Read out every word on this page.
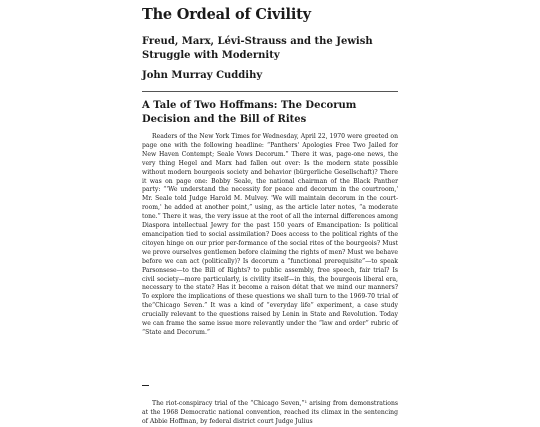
The Ordeal of Civility
Freud, Marx, Lévi-Strauss and the Jewish Struggle with Modernity
John Murray Cuddihy
A Tale of Two Hoffmans: The Decorum Decision and the Bill of Rites

Readers of the New York Times for Wednesday, April 22, 1970 were greeted on page one with the following headline: “Panthers' Apologies Free Two Jailed for New Haven Contempt; Seale Vows Decorum.” There it was, page-one news, the very thing Hegel and Marx had fallen out over: Is the modern state possible without modern bourgeois society and behavior (bürgerliche Gesellschaft)? There it was on page one: Bobby Seale, the national chairman of the Black Panther party: “'We understand the necessity for peace and decorum in the courtroom,' Mr. Seale told Judge Harold M. Mulvey. 'We will maintain decorum in the court-room,' he added at another point,” using, as the article later notes, “a moderate tone.” There it was, the very issue at the root of all the internal differences among Diaspora intellectual Jewry for the past 150 years of Emancipation: Is political emancipation tied to social assimilation? Does access to the political rights of the citoyen hinge on our prior per-formance of the social rites of the bourgeois? Must we prove ourselves gentlemen before claiming the rights of men? Must we behave before we can act (politically)? Is decorum a “functional prerequisite”—to speak Parsonsese—to the Bill of Rights? to public assembly, free speech, fair trial? Is civil society—more particularly, is civility itself—in this, the bourgeois liberal era, necessary to the state? Has it become a raison détat that we mind our manners? To explore the implications of these questions we shall turn to the 1969-70 trial of the“Chicago Seven.” It was a kind of “everyday life” experiment, a case study crucially relevant to the questions raised by Lenin in State and Revolution. Today we can frame the same issue more relevantly under the “law and order” rubric of “State and Decorum.”

The riot-conspiracy trial of the “Chicago Seven,”¹ arising from demonstrations at the 1968 Democratic national convention, reached its climax in the sentencing of Abbie Hoffman, by federal district court Judge Julius
